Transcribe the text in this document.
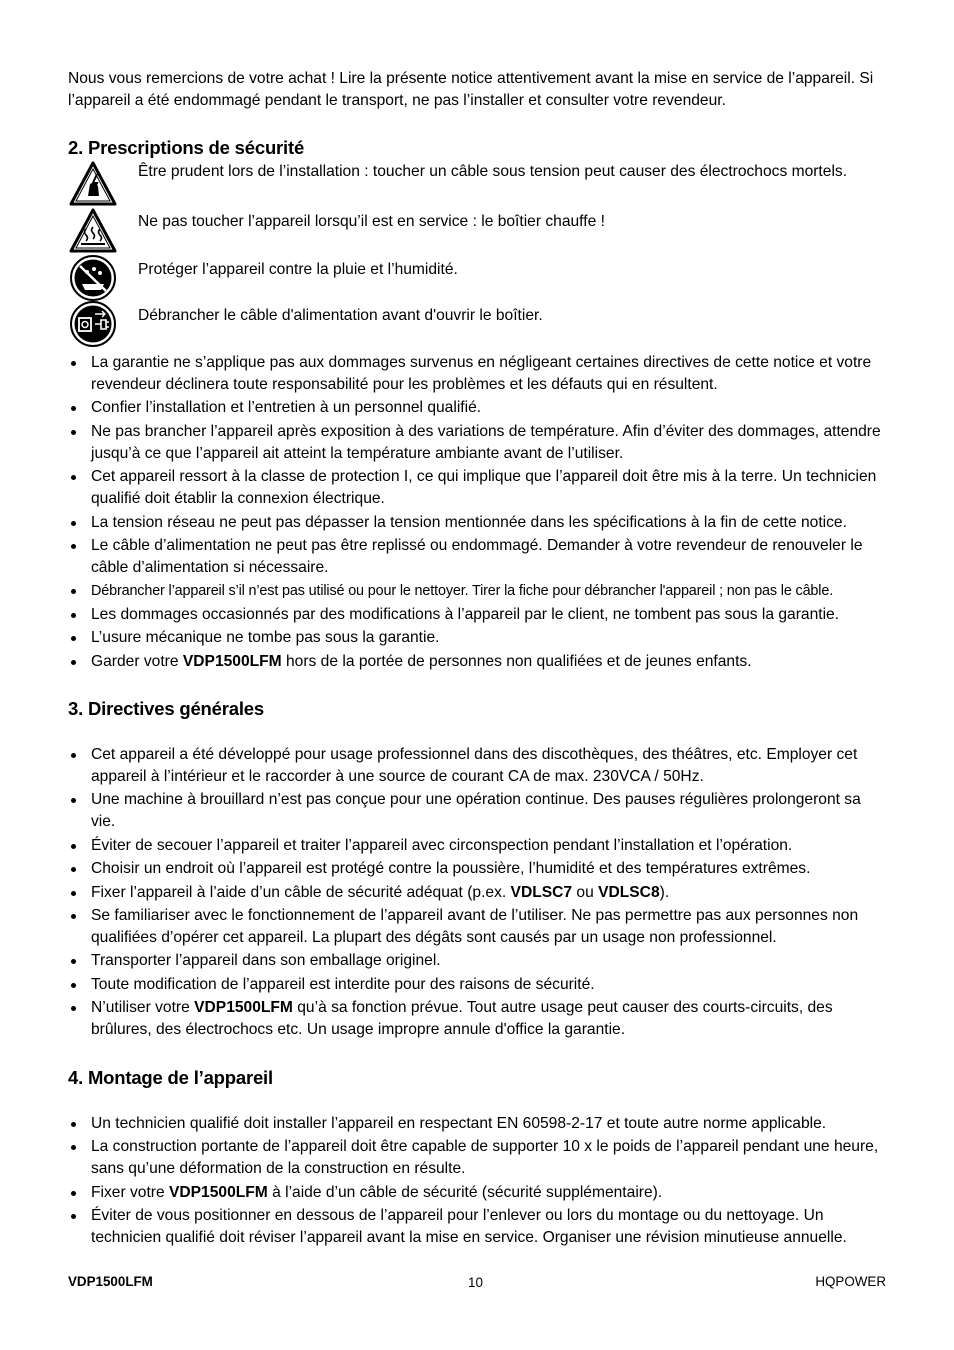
Nous vous remercions de votre achat ! Lire la présente notice attentivement avant la mise en service de l’appareil. Si l’appareil a été endommagé pendant le transport, ne pas l’installer et consulter votre revendeur.

2. Prescriptions de sécurité
Être prudent lors de l’installation : toucher un câble sous tension peut causer des électrochocs mortels.
Ne pas toucher l’appareil lorsqu’il est en service : le boîtier chauffe !
Protéger l’appareil contre la pluie et l’humidité.
Débrancher le câble d'alimentation avant d'ouvrir le boîtier.
La garantie ne s’applique pas aux dommages survenus en négligeant certaines directives de cette notice et votre revendeur déclinera toute responsabilité pour les problèmes et les défauts qui en résultent.
Confier l’installation et l’entretien à un personnel qualifié.
Ne pas brancher l’appareil après exposition à des variations de température. Afin d’éviter des dommages, attendre jusqu’à ce que l’appareil ait atteint la température ambiante avant de l’utiliser.
Cet appareil ressort à la classe de protection I, ce qui implique que l’appareil doit être mis à la terre. Un technicien qualifié doit établir la connexion électrique.
La tension réseau ne peut pas dépasser la tension mentionnée dans les spécifications à la fin de cette notice.
Le câble d’alimentation ne peut pas être replissé ou endommagé. Demander à votre revendeur de renouveler le câble d’alimentation si nécessaire.
Débrancher l’appareil s’il n’est pas utilisé ou pour le nettoyer. Tirer la fiche pour débrancher l'appareil ; non pas le câble.
Les dommages occasionnés par des modifications à l’appareil par le client, ne tombent pas sous la garantie.
L’usure mécanique ne tombe pas sous la garantie.
Garder votre VDP1500LFM hors de la portée de personnes non qualifiées et de jeunes enfants.
3. Directives générales
Cet appareil a été développé pour usage professionnel dans des discothèques, des théâtres, etc. Employer cet appareil à l’intérieur et le raccorder à une source de courant CA de max. 230VCA / 50Hz.
Une machine à brouillard n’est pas conçue pour une opération continue. Des pauses régulières prolongeront sa vie.
Éviter de secouer l’appareil et traiter l’appareil avec circonspection pendant l’installation et l’opération.
Choisir un endroit où l’appareil est protégé contre la poussière, l’humidité et des températures extrêmes.
Fixer l’appareil à l’aide d’un câble de sécurité adéquat (p.ex. VDLSC7 ou VDLSC8).
Se familiariser avec le fonctionnement de l’appareil avant de l’utiliser. Ne pas permettre pas aux personnes non qualifiées d’opérer cet appareil. La plupart des dégâts sont causés par un usage non professionnel.
Transporter l’appareil dans son emballage originel.
Toute modification de l’appareil est interdite pour des raisons de sécurité.
N’utiliser votre VDP1500LFM qu’à sa fonction prévue. Tout autre usage peut causer des courts-circuits, des brûlures, des électrochocs etc. Un usage impropre annule d'office la garantie.
4. Montage de l’appareil
Un technicien qualifié doit installer l’appareil en respectant EN 60598-2-17 et toute autre norme applicable.
La construction portante de l’appareil doit être capable de supporter 10 x le poids de l’appareil pendant une heure, sans qu’une déformation de la construction en résulte.
Fixer votre VDP1500LFM à l’aide d’un câble de sécurité (sécurité supplémentaire).
Éviter de vous positionner en dessous de l’appareil pour l’enlever ou lors du montage ou du nettoyage. Un technicien qualifié doit réviser l’appareil avant la mise en service. Organiser une révision minutieuse annuelle.
VDP1500LFM	10	HQPOWER
